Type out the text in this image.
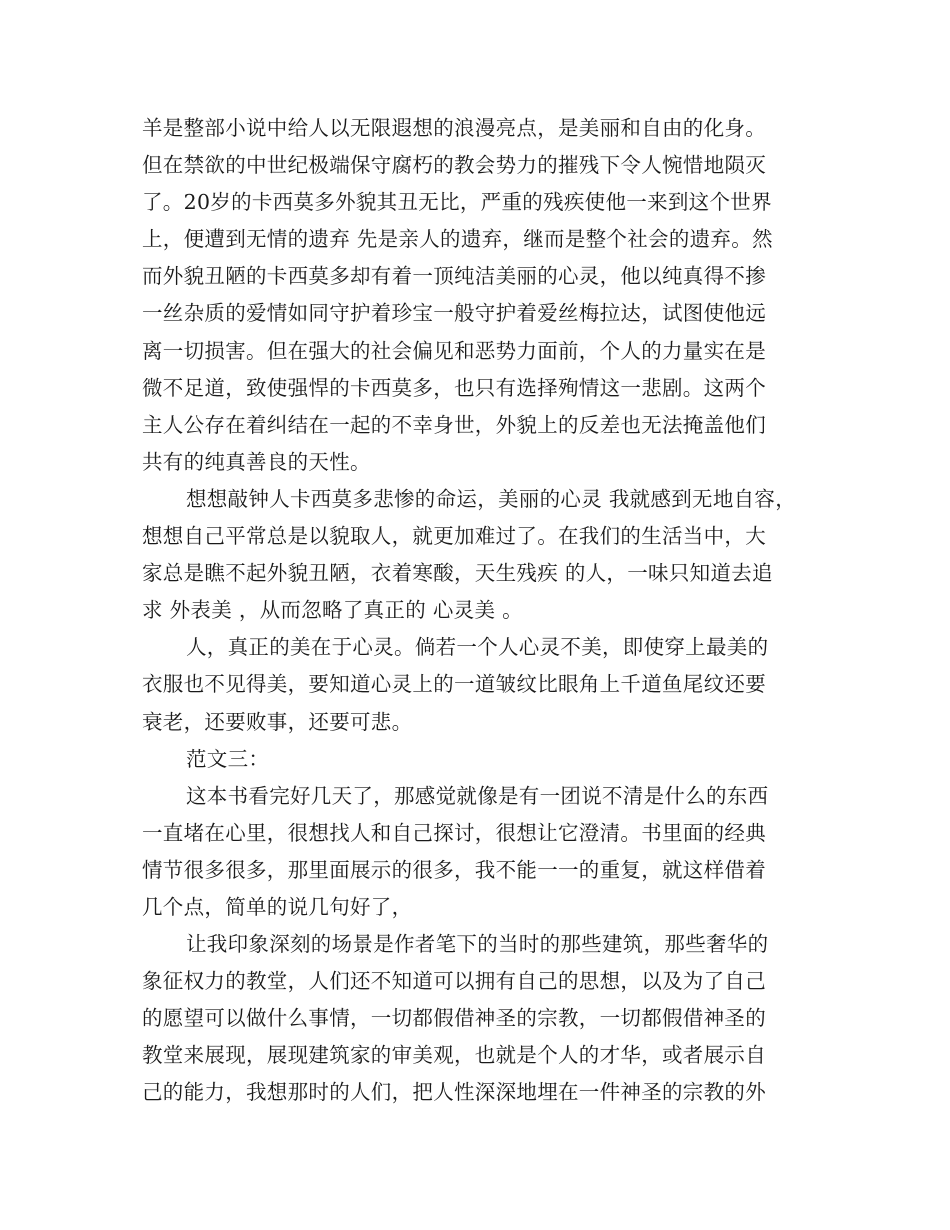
羊是整部小说中给人以无限遐想的浪漫亮点，是美丽和自由的化身。
但在禁欲的中世纪极端保守腐朽的教会势力的摧残下令人惋惜地陨灭
了。20岁的卡西莫多外貌其丑无比，严重的残疾使他一来到这个世界
上，便遭到无情的遗弃 先是亲人的遗弃，继而是整个社会的遗弃。然
而外貌丑陋的卡西莫多却有着一顶纯洁美丽的心灵，他以纯真得不掺
一丝杂质的爱情如同守护着珍宝一般守护着爱丝梅拉达，试图使他远
离一切损害。但在强大的社会偏见和恶势力面前，个人的力量实在是
微不足道，致使强悍的卡西莫多，也只有选择殉情这一悲剧。这两个
主人公存在着纠结在一起的不幸身世，外貌上的反差也无法掩盖他们
共有的纯真善良的天性。
想想敲钟人卡西莫多悲惨的命运，美丽的心灵 我就感到无地自容，
想想自己平常总是以貌取人，就更加难过了。在我们的生活当中，大
家总是瞧不起外貌丑陋，衣着寒酸，天生残疾 的人，一味只知道去追
求 外表美 ，从而忽略了真正的 心灵美 。
人，真正的美在于心灵。倘若一个人心灵不美，即使穿上最美的
衣服也不见得美，要知道心灵上的一道皱纹比眼角上千道鱼尾纹还要
衰老，还要败事，还要可悲。
范文三：
这本书看完好几天了，那感觉就像是有一团说不清是什么的东西
一直堵在心里，很想找人和自己探讨，很想让它澄清。书里面的经典
情节很多很多，那里面展示的很多，我不能一一的重复，就这样借着
几个点，简单的说几句好了，
让我印象深刻的场景是作者笔下的当时的那些建筑，那些奢华的
象征权力的教堂，人们还不知道可以拥有自己的思想，以及为了自己
的愿望可以做什么事情，一切都假借神圣的宗教，一切都假借神圣的
教堂来展现，展现建筑家的审美观，也就是个人的才华，或者展示自
己的能力，我想那时的人们，把人性深深地埋在一件神圣的宗教的外
